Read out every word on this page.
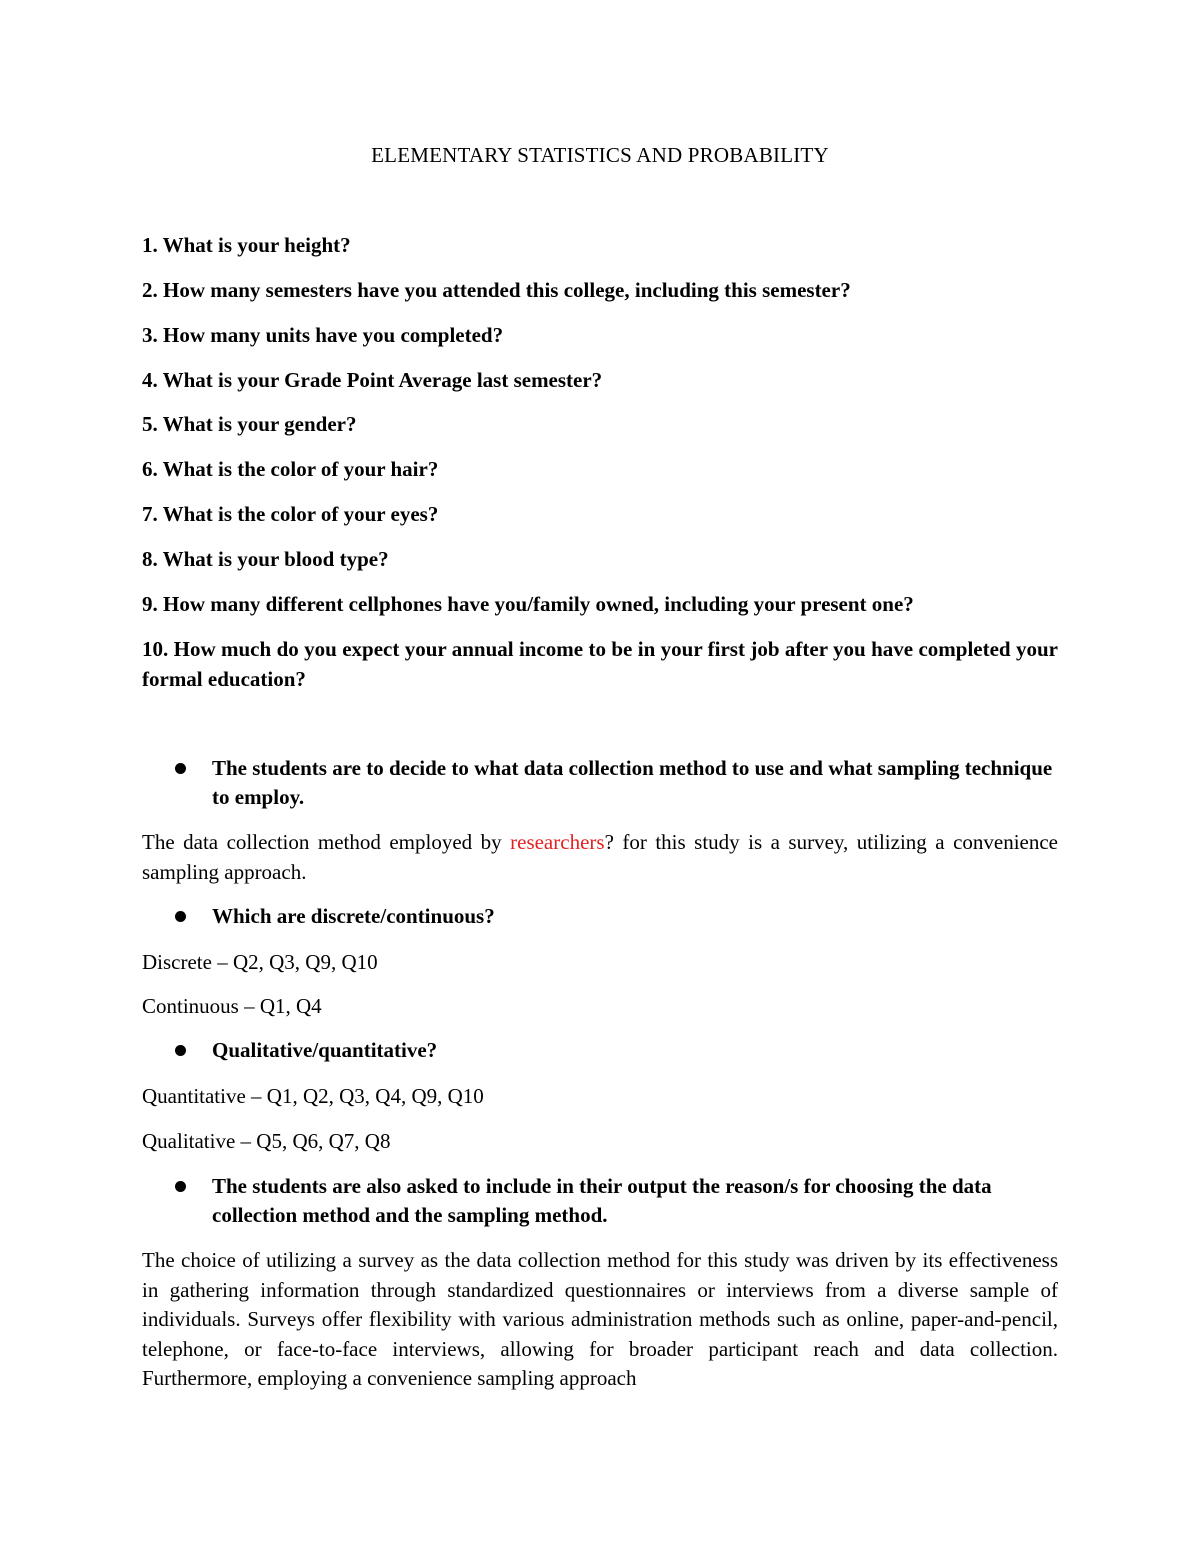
ELEMENTARY STATISTICS AND PROBABILITY
1. What is your height?
2. How many semesters have you attended this college, including this semester?
3. How many units have you completed?
4. What is your Grade Point Average last semester?
5. What is your gender?
6. What is the color of your hair?
7. What is the color of your eyes?
8. What is your blood type?
9. How many different cellphones have you/family owned, including your present one?
10. How much do you expect your annual income to be in your first job after you have completed your formal education?
The students are to decide to what data collection method to use and what sampling technique to employ.
The data collection method employed by researchers? for this study is a survey, utilizing a convenience sampling approach.
Which are discrete/continuous?
Discrete – Q2, Q3, Q9, Q10
Continuous – Q1, Q4
Qualitative/quantitative?
Quantitative – Q1, Q2, Q3, Q4, Q9, Q10
Qualitative – Q5, Q6, Q7, Q8
The students are also asked to include in their output the reason/s for choosing the data collection method and the sampling method.
The choice of utilizing a survey as the data collection method for this study was driven by its effectiveness in gathering information through standardized questionnaires or interviews from a diverse sample of individuals. Surveys offer flexibility with various administration methods such as online, paper-and-pencil, telephone, or face-to-face interviews, allowing for broader participant reach and data collection. Furthermore, employing a convenience sampling approach
